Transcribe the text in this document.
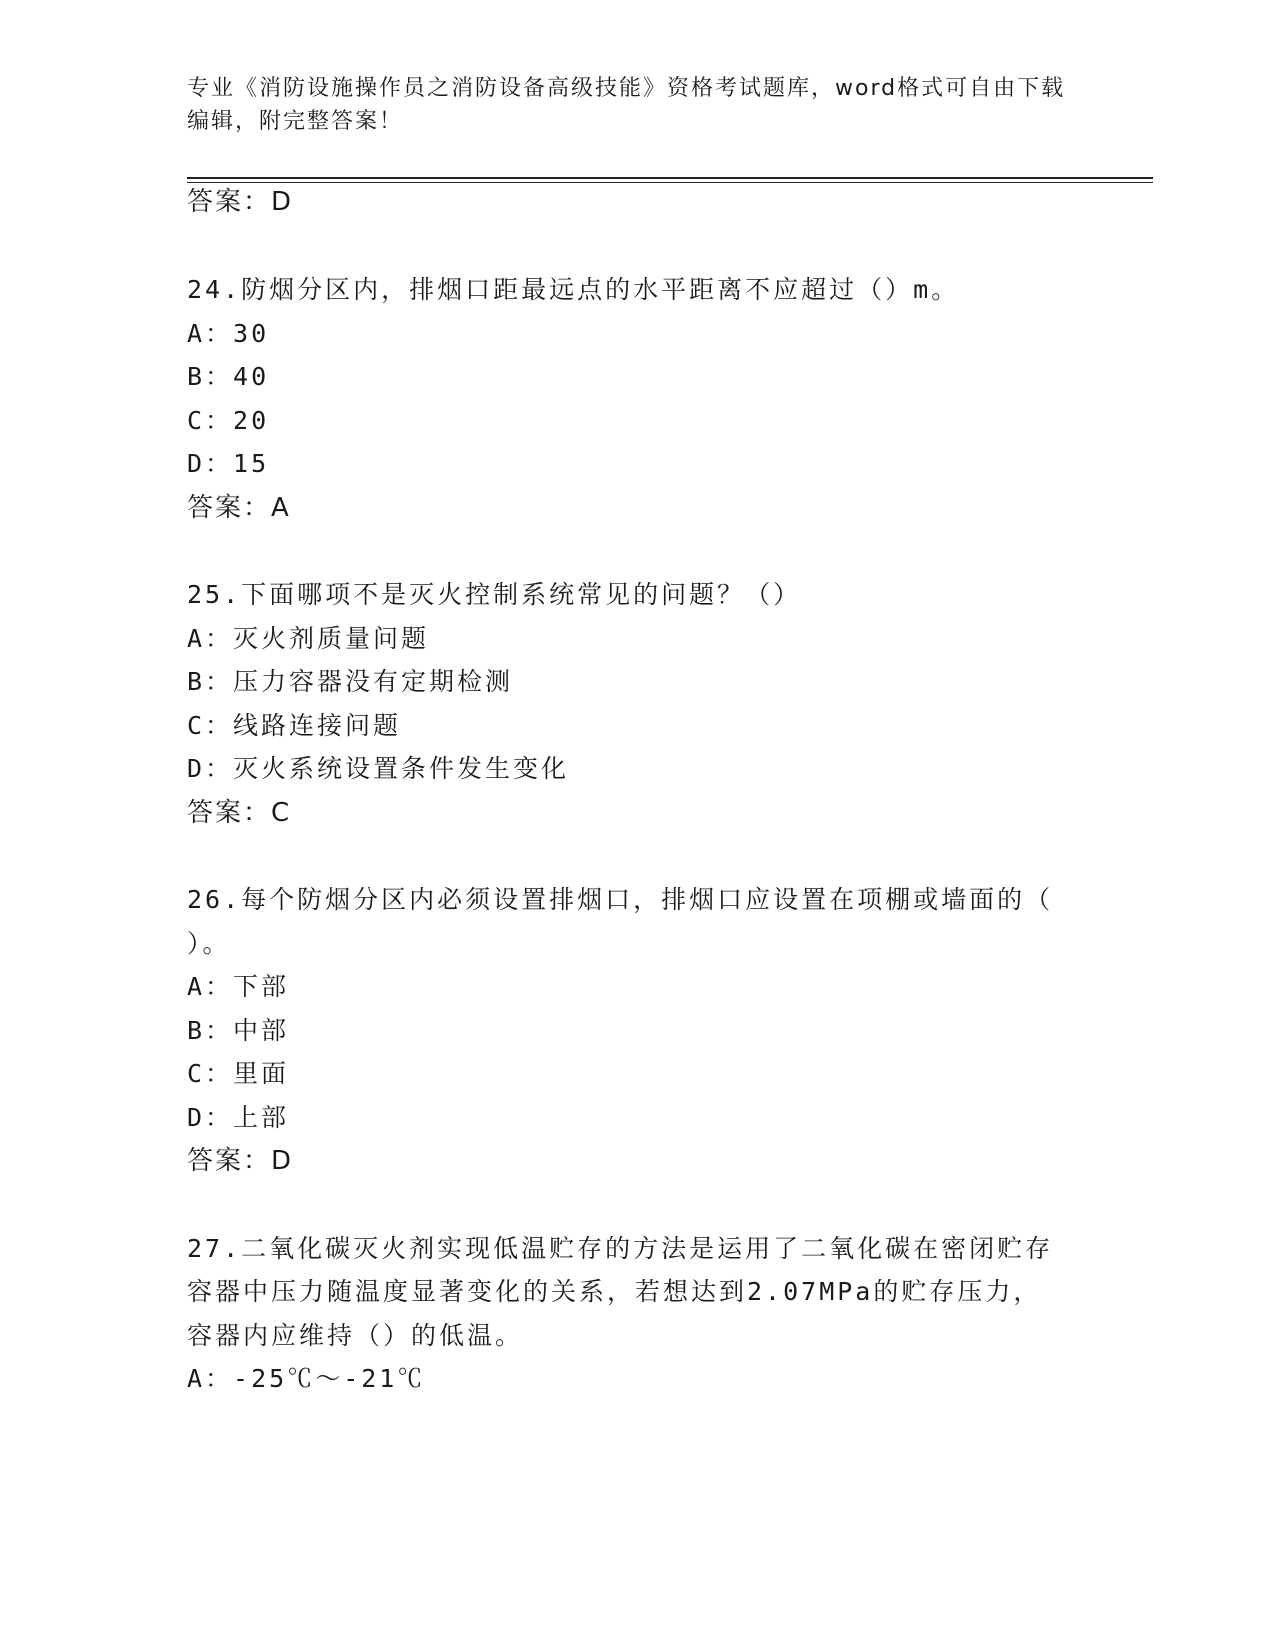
专业《消防设施操作员之消防设备高级技能》资格考试题库，word格式可自由下载编辑，附完整答案！
答案：D
24.防烟分区内，排烟口距最远点的水平距离不应超过（）m。
A：30
B：40
C：20
D：15
答案：A
25.下面哪项不是灭火控制系统常见的问题？（）
A：灭火剂质量问题
B：压力容器没有定期检测
C：线路连接问题
D：灭火系统设置条件发生变化
答案：C
26.每个防烟分区内必须设置排烟口，排烟口应设置在项棚或墙面的（
）。
A：下部
B：中部
C：里面
D：上部
答案：D
27.二氧化碳灭火剂实现低温贮存的方法是运用了二氧化碳在密闭贮存
容器中压力随温度显著变化的关系，若想达到2.07MPa的贮存压力，
容器内应维持（）的低温。
A：-25℃～-21℃
